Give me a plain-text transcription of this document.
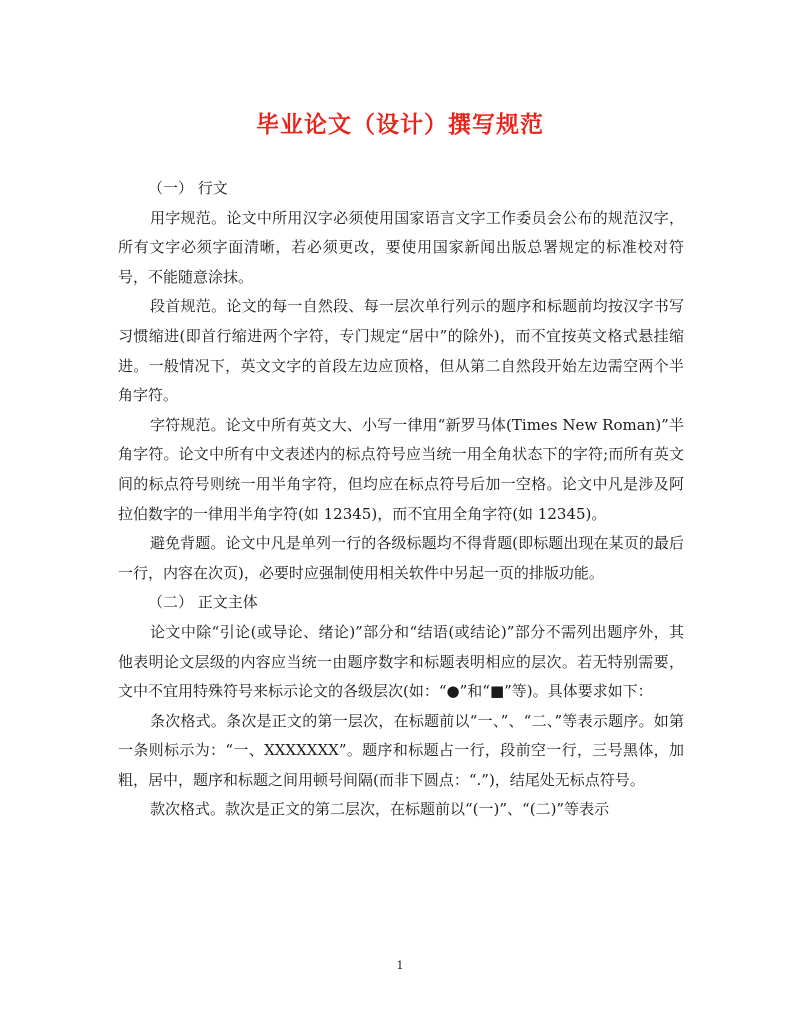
毕业论文（设计）撰写规范

（一） 行文

用字规范。论文中所用汉字必须使用国家语言文字工作委员会公布的规范汉字，所有文字必须字面清晰，若必须更改，要使用国家新闻出版总署规定的标准校对符号，不能随意涂抹。

段首规范。论文的每一自然段、每一层次单行列示的题序和标题前均按汉字书写习惯缩进(即首行缩进两个字符，专门规定“居中”的除外)，而不宜按英文格式悬挂缩进。一般情况下，英文文字的首段左边应顶格，但从第二自然段开始左边需空两个半角字符。

字符规范。论文中所有英文大、小写一律用“新罗马体(Times New Roman)”半角字符。论文中所有中文表述内的标点符号应当统一用全角状态下的字符;而所有英文间的标点符号则统一用半角字符，但均应在标点符号后加一空格。论文中凡是涉及阿拉伯数字的一律用半角字符(如 12345)，而不宜用全角字符(如 12345)。

避免背题。论文中凡是单列一行的各级标题均不得背题(即标题出现在某页的最后一行，内容在次页)，必要时应强制使用相关软件中另起一页的排版功能。

（二） 正文主体

论文中除“引论(或导论、绪论)”部分和“结语(或结论)”部分不需列出题序外，其他表明论文层级的内容应当统一由题序数字和标题表明相应的层次。若无特别需要，文中不宜用特殊符号来标示论文的各级层次(如：“●”和“■”等)。具体要求如下：

条次格式。条次是正文的第一层次，在标题前以“一、”、“二、”等表示题序。如第一条则标示为：“一、XXXXXXX”。题序和标题占一行，段前空一行，三号黑体，加粗，居中，题序和标题之间用顿号间隔(而非下圆点：“.”)，结尾处无标点符号。

款次格式。款次是正文的第二层次，在标题前以“(一)”、“(二)”等表示

1
